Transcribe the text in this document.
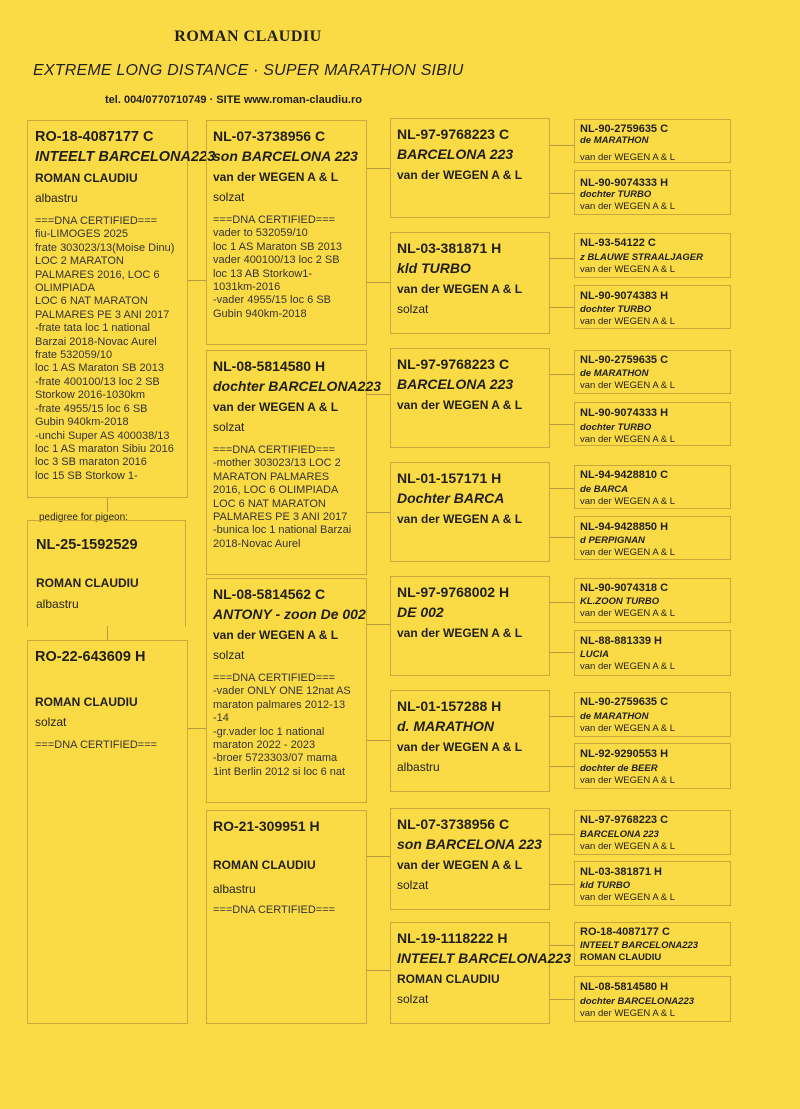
ROMAN CLAUDIU
EXTREME LONG DISTANCE · SUPER MARATHON SIBIU
tel. 004/0770710749 · SITE www.roman-claudiu.ro
RO-18-4087177 C
INTEELT BARCELONA223
ROMAN CLAUDIU
albastru
===DNA CERTIFIED===
fiu-LIMOGES 2025
frate 303023/13(Moise Dinu)
LOC 2 MARATON
PALMARES 2016, LOC 6
OLIMPIADA
LOC 6 NAT MARATON
PALMARES PE 3 ANI 2017
-frate tata loc 1 national
Barzai 2018-Novac Aurel
frate 532059/10
loc 1 AS Maraton SB 2013
-frate 400100/13 loc 2 SB
Storkow 2016-1030km
-frate 4955/15 loc 6 SB
Gubin 940km-2018
-unchi Super AS 400038/13
loc 1 AS maraton Sibiu 2016
loc 3 SB maraton 2016
loc 15 SB Storkow 1-
pedigree for pigeon:
NL-25-1592529
ROMAN CLAUDIU
albastru
RO-22-643609 H
ROMAN CLAUDIU
solzat
===DNA CERTIFIED===
NL-07-3738956 C
son BARCELONA 223
van der WEGEN A & L
solzat
===DNA CERTIFIED===
vader to 532059/10
loc 1 AS Maraton SB 2013
vader 400100/13 loc 2 SB
loc 13 AB Storkow1-
1031km-2016
-vader 4955/15 loc 6 SB
Gubin 940km-2018
NL-08-5814580 H
dochter BARCELONA223
van der WEGEN A & L
solzat
===DNA CERTIFIED===
-mother 303023/13 LOC 2
MARATON PALMARES
2016, LOC 6 OLIMPIADA
LOC 6 NAT MARATON
PALMARES PE 3 ANI 2017
-bunica loc 1 national Barzai
2018-Novac Aurel
NL-08-5814562 C
ANTONY - zoon De 002
van der WEGEN A & L
solzat
===DNA CERTIFIED===
-vader ONLY ONE 12nat AS
maraton palmares 2012-13
-14
-gr.vader loc 1 national
maraton 2022 - 2023
-broer 5723303/07 mama
1int Berlin 2012 si loc 6 nat
RO-21-309951 H
ROMAN CLAUDIU
albastru
===DNA CERTIFIED===
NL-97-9768223 C
BARCELONA 223
van der WEGEN A & L
NL-03-381871 H
kld TURBO
van der WEGEN A & L
solzat
NL-97-9768223 C
BARCELONA 223
van der WEGEN A & L
NL-01-157171 H
Dochter BARCA
van der WEGEN A & L
NL-97-9768002 H
DE 002
van der WEGEN A & L
NL-01-157288 H
d. MARATHON
van der WEGEN A & L
albastru
NL-07-3738956 C
son BARCELONA 223
van der WEGEN A & L
solzat
NL-19-1118222 H
INTEELT BARCELONA223
ROMAN CLAUDIU
solzat
NL-90-2759635 C
de MARATHON
van der WEGEN A & L
NL-90-9074333 H
dochter TURBO
van der WEGEN A & L
NL-93-54122 C
z BLAUWE STRAALJAGER
van der WEGEN A & L
NL-90-9074383 H
dochter TURBO
van der WEGEN A & L
NL-90-2759635 C
de MARATHON
van der WEGEN A & L
NL-90-9074333 H
dochter TURBO
van der WEGEN A & L
NL-94-9428810 C
de BARCA
van der WEGEN A & L
NL-94-9428850 H
d PERPIGNAN
van der WEGEN A & L
NL-90-9074318 C
KL.ZOON TURBO
van der WEGEN A & L
NL-88-881339 H
LUCIA
van der WEGEN A & L
NL-90-2759635 C
de MARATHON
van der WEGEN A & L
NL-92-9290553 H
dochter de BEER
van der WEGEN A & L
NL-97-9768223 C
BARCELONA 223
van der WEGEN A & L
NL-03-381871 H
kld TURBO
van der WEGEN A & L
RO-18-4087177 C
INTEELT BARCELONA223
ROMAN CLAUDIU
NL-08-5814580 H
dochter BARCELONA223
van der WEGEN A & L
